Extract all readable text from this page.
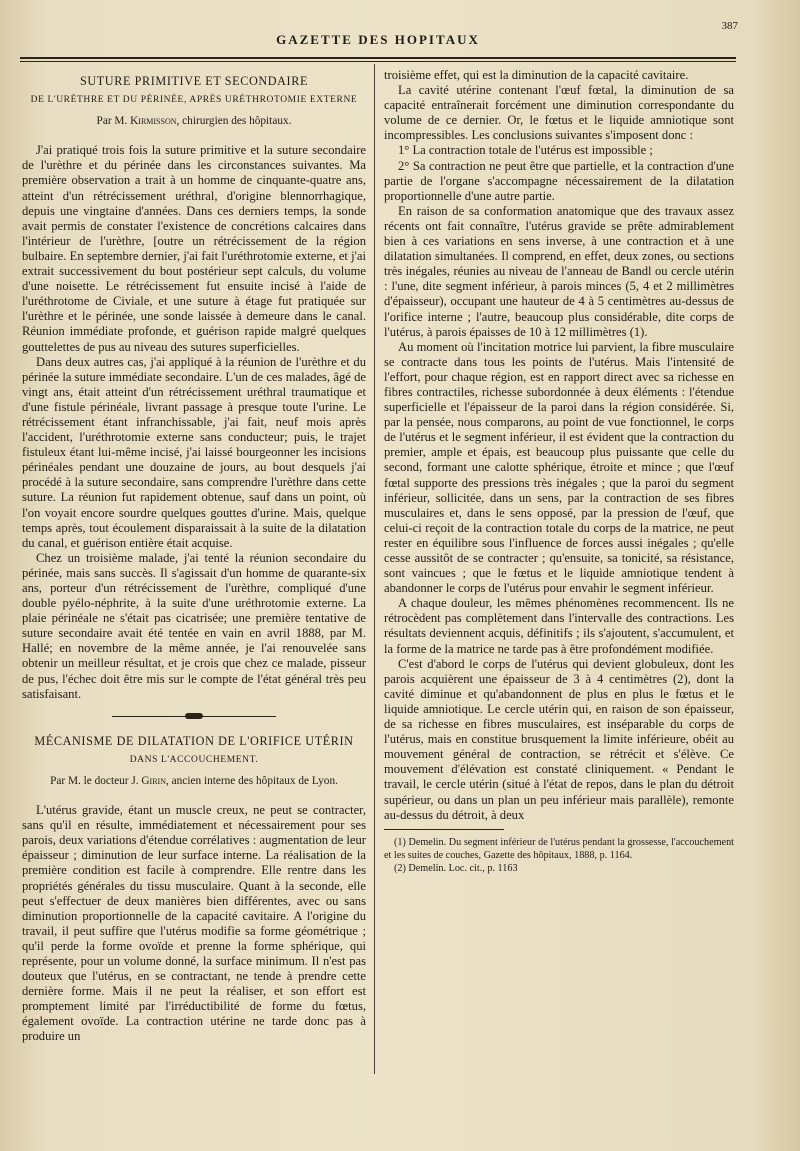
GAZETTE DES HOPITAUX
387
SUTURE PRIMITIVE ET SECONDAIRE
DE L'URÈTHRE ET DU PÉRINÉE, APRÈS URÉTHROTOMIE EXTERNE
Par M. Kirmisson, chirurgien des hôpitaux.

J'ai pratiqué trois fois la suture primitive et la suture secondaire de l'urèthre et du périnée dans les circonstances suivantes. Ma première observation a trait à un homme de cinquante-quatre ans, atteint d'un rétrécissement uréthral, d'origine blennorrhagique, depuis une vingtaine d'années. Dans ces derniers temps, la sonde avait permis de constater l'existence de concrétions calcaires dans l'intérieur de l'urèthre, [outre un rétrécissement de la région bulbaire. En septembre dernier, j'ai fait l'uréthrotomie externe, et j'ai extrait successivement du bout postérieur sept calculs, du volume d'une noisette. Le rétrécissement fut ensuite incisé à l'aide de l'uréthrotome de Civiale, et une suture à étage fut pratiquée sur l'urèthre et le périnée, une sonde laissée à demeure dans le canal. Réunion immédiate profonde, et guérison rapide malgré quelques gouttelettes de pus au niveau des sutures superficielles.

Dans deux autres cas, j'ai appliqué à la réunion de l'urèthre et du périnée la suture immédiate secondaire. L'un de ces malades, âgé de vingt ans, était atteint d'un rétrécissement uréthral traumatique et d'une fistule périnéale, livrant passage à presque toute l'urine. Le rétrécissement étant infranchissable, j'ai fait, neuf mois après l'accident, l'uréthrotomie externe sans conducteur; puis, le trajet fistuleux étant lui-même incisé, j'ai laissé bourgeonner les incisions périnéales pendant une douzaine de jours, au bout desquels j'ai procédé à la suture secondaire, sans comprendre l'urèthre dans cette suture. La réunion fut rapidement obtenue, sauf dans un point, où l'on voyait encore sourdre quelques gouttes d'urine. Mais, quelque temps après, tout écoulement disparaissait à la suite de la dilatation du canal, et guérison entière était acquise.

Chez un troisième malade, j'ai tenté la réunion secondaire du périnée, mais sans succès. Il s'agissait d'un homme de quarante-six ans, porteur d'un rétrécissement de l'urèthre, compliqué d'une double pyélo-néphrite, à la suite d'une uréthrotomie externe. La plaie périnéale ne s'était pas cicatrisée; une première tentative de suture secondaire avait été tentée en vain en avril 1888, par M. Hallé; en novembre de la même année, je l'ai renouvelée sans obtenir un meilleur résultat, et je crois que chez ce malade, pisseur de pus, l'échec doit être mis sur le compte de l'état général très peu satisfaisant.

MÉCANISME DE DILATATION DE L'ORIFICE UTÉRIN
DANS L'ACCOUCHEMENT.
Par M. le docteur J. Girin, ancien interne des hôpitaux de Lyon.

L'utérus gravide, étant un muscle creux, ne peut se contracter, sans qu'il en résulte, immédiatement et nécessairement pour ses parois, deux variations d'étendue corrélatives : augmentation de leur épaisseur ; diminution de leur surface interne. La réalisation de la première condition est facile à comprendre. Elle rentre dans les propriétés générales du tissu musculaire. Quant à la seconde, elle peut s'effectuer de deux manières bien différentes, avec ou sans diminution proportionnelle de la capacité cavitaire. A l'origine du travail, il peut suffire que l'utérus modifie sa forme géométrique ; qu'il perde la forme ovoïde et prenne la forme sphérique, qui représente, pour un volume donné, la surface minimum. Il n'est pas douteux que l'utérus, en se contractant, ne tende à prendre cette dernière forme. Mais il ne peut la réaliser, et son effort est promptement limité par l'irréductibilité de forme du fœtus, également ovoïde. La contraction utérine ne tarde donc pas à produire un

troisième effet, qui est la diminution de la capacité cavitaire.

La cavité utérine contenant l'œuf fœtal, la diminution de sa capacité entraînerait forcément une diminution correspondante du volume de ce dernier. Or, le fœtus et le liquide amniotique sont incompressibles. Les conclusions suivantes s'imposent donc :

1° La contraction totale de l'utérus est impossible ;

2° Sa contraction ne peut être que partielle, et la contraction d'une partie de l'organe s'accompagne nécessairement de la dilatation proportionnelle d'une autre partie.

En raison de sa conformation anatomique que des travaux assez récents ont fait connaître, l'utérus gravide se prête admirablement bien à ces variations en sens inverse, à une contraction et à une dilatation simultanées. Il comprend, en effet, deux zones, ou sections très inégales, réunies au niveau de l'anneau de Bandl ou cercle utérin : l'une, dite segment inférieur, à parois minces (5, 4 et 2 millimètres d'épaisseur), occupant une hauteur de 4 à 5 centimètres au-dessus de l'orifice interne ; l'autre, beaucoup plus considérable, dite corps de l'utérus, à parois épaisses de 10 à 12 millimètres (1).

Au moment où l'incitation motrice lui parvient, la fibre musculaire se contracte dans tous les points de l'utérus. Mais l'intensité de l'effort, pour chaque région, est en rapport direct avec sa richesse en fibres contractiles, richesse subordonnée à deux éléments : l'étendue superficielle et l'épaisseur de la paroi dans la région considérée. Si, par la pensée, nous comparons, au point de vue fonctionnel, le corps de l'utérus et le segment inférieur, il est évident que la contraction du premier, ample et épais, est beaucoup plus puissante que celle du second, formant une calotte sphérique, étroite et mince ; que l'œuf fœtal supporte des pressions très inégales ; que la paroi du segment inférieur, sollicitée, dans un sens, par la contraction de ses fibres musculaires et, dans le sens opposé, par la pression de l'œuf, que celui-ci reçoit de la contraction totale du corps de la matrice, ne peut rester en équilibre sous l'influence de forces aussi inégales ; qu'elle cesse aussitôt de se contracter ; qu'ensuite, sa tonicité, sa résistance, sont vaincues ; que le fœtus et le liquide amniotique tendent à abandonner le corps de l'utérus pour envahir le segment inférieur.

A chaque douleur, les mêmes phénomènes recommencent. Ils ne rétrocèdent pas complètement dans l'intervalle des contractions. Les résultats deviennent acquis, définitifs ; ils s'ajoutent, s'accumulent, et la forme de la matrice ne tarde pas à être profondément modifiée.

C'est d'abord le corps de l'utérus qui devient globuleux, dont les parois acquièrent une épaisseur de 3 à 4 centimètres (2), dont la cavité diminue et qu'abandonnent de plus en plus le fœtus et le liquide amniotique. Le cercle utérin qui, en raison de son épaisseur, de sa richesse en fibres musculaires, est inséparable du corps de l'utérus, mais en constitue brusquement la limite inférieure, obéit au mouvement général de contraction, se rétrécit et s'élève. Ce mouvement d'élévation est constaté cliniquement. « Pendant le travail, le cercle utérin (situé à l'état de repos, dans le plan du détroit supérieur, ou dans un plan un peu inférieur mais parallèle), remonte au-dessus du détroit, à deux

(1) Demelin. Du segment inférieur de l'utérus pendant la grossesse, l'accouchement et les suites de couches, Gazette des hôpitaux, 1888, p. 1164.

(2) Demelin. Loc. cit., p. 1163
